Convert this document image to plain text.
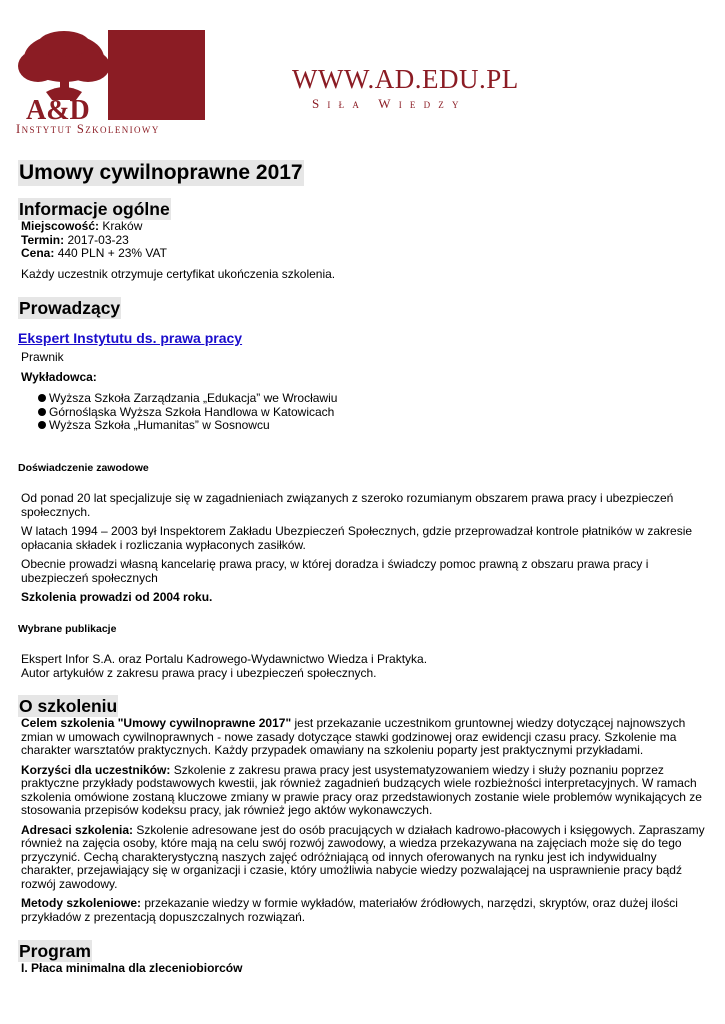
A&D
Instytut Szkoleniowy
WWW.AD.EDU.PL
Siła Wiedzy
Umowy cywilnoprawne 2017
Informacje ogólne
Miejscowość: Kraków
Termin: 2017-03-23
Cena: 440 PLN + 23% VAT

Każdy uczestnik otrzymuje certyfikat ukończenia szkolenia.

Prowadzący
Ekspert Instytutu ds. prawa pracy
Prawnik
Wykładowca:
Wyższa Szkoła Zarządzania „Edukacja” we Wrocławiu
Górnośląska Wyższa Szkoła Handlowa w Katowicach
Wyższa Szkoła „Humanitas” w Sosnowcu
Doświadczenie zawodowe

Od ponad 20 lat specjalizuje się w zagadnieniach związanych z szeroko rozumianym obszarem prawa pracy i ubezpieczeń społecznych.

W latach 1994 – 2003 był Inspektorem Zakładu Ubezpieczeń Społecznych, gdzie przeprowadzał kontrole płatników w zakresie opłacania składek i rozliczania wypłaconych zasiłków.

Obecnie prowadzi własną kancelarię prawa pracy, w której doradza i świadczy pomoc prawną z obszaru prawa pracy i ubezpieczeń społecznych

Szkolenia prowadzi od 2004 roku.

Wybrane publikacje

Ekspert Infor S.A. oraz Portalu Kadrowego-Wydawnictwo Wiedza i Praktyka.

Autor artykułów z zakresu prawa pracy i ubezpieczeń społecznych.

O szkoleniu

Celem szkolenia "Umowy cywilnoprawne 2017" jest przekazanie uczestnikom gruntownej wiedzy dotyczącej najnowszych zmian w umowach cywilnoprawnych - nowe zasady dotyczące stawki godzinowej oraz ewidencji czasu pracy. Szkolenie ma charakter warsztatów praktycznych. Każdy przypadek omawiany na szkoleniu poparty jest praktycznymi przykładami.

Korzyści dla uczestników: Szkolenie z zakresu prawa pracy jest usystematyzowaniem wiedzy i służy poznaniu poprzez praktyczne przykłady podstawowych kwestii, jak również zagadnień budzących wiele rozbieżności interpretacyjnych. W ramach szkolenia omówione zostaną kluczowe zmiany w prawie pracy oraz przedstawionych zostanie wiele problemów wynikających ze stosowania przepisów kodeksu pracy, jak również jego aktów wykonawczych.

Adresaci szkolenia: Szkolenie adresowane jest do osób pracujących w działach kadrowo-płacowych i księgowych. Zapraszamy również na zajęcia osoby, które mają na celu swój rozwój zawodowy, a wiedza przekazywana na zajęciach może się do tego przyczynić. Cechą charakterystyczną naszych zajęć odróżniającą od innych oferowanych na rynku jest ich indywidualny charakter, przejawiający się w organizacji i czasie, który umożliwia nabycie wiedzy pozwalającej na usprawnienie pracy bądź rozwój zawodowy.

Metody szkoleniowe: przekazanie wiedzy w formie wykładów, materiałów źródłowych, narzędzi, skryptów, oraz dużej ilości przykładów z prezentacją dopuszczalnych rozwiązań.

Program

I. Płaca minimalna dla zleceniobiorców
